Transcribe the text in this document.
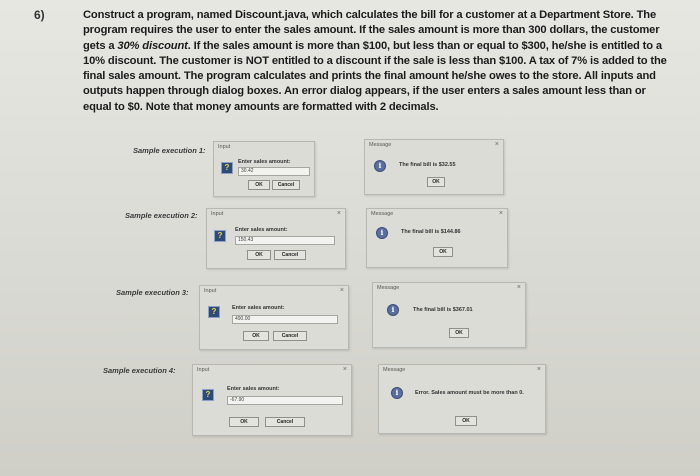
6)	Construct a program, named Discount.java, which calculates the bill for a customer at a Department Store. The program requires the user to enter the sales amount. If the sales amount is more than 300 dollars, the customer gets a 30% discount. If the sales amount is more than $100, but less than or equal to $300, he/she is entitled to a 10% discount. The customer is NOT entitled to a discount if the sale is less than $100. A tax of 7% is added to the final sales amount. The program calculates and prints the final amount he/she owes to the store. All inputs and outputs happen through dialog boxes. An error dialog appears, if the user enters a sales amount less than or equal to $0. Note that money amounts are formatted with 2 decimals.
Sample execution 1: Input
?
Enter sales amount:
30.42
OK	Cancel
Message	×
i	The final bill is $32.55
OK
Sample execution 2: Input	×
?
Enter sales amount:
150.43
OK	Cancel
Message	×
i	The final bill is $144.86
OK
Sample execution 3:	Input	×
?	Enter sales amount:
490.00
OK	Cancel
Message	×
i	The final bill is $367.01
OK
Sample execution 4:	Input	×
?
Enter sales amount:
-67.90
OK	Cancel
Message	×
i	Error. Sales amount must be more than 0.
OK
